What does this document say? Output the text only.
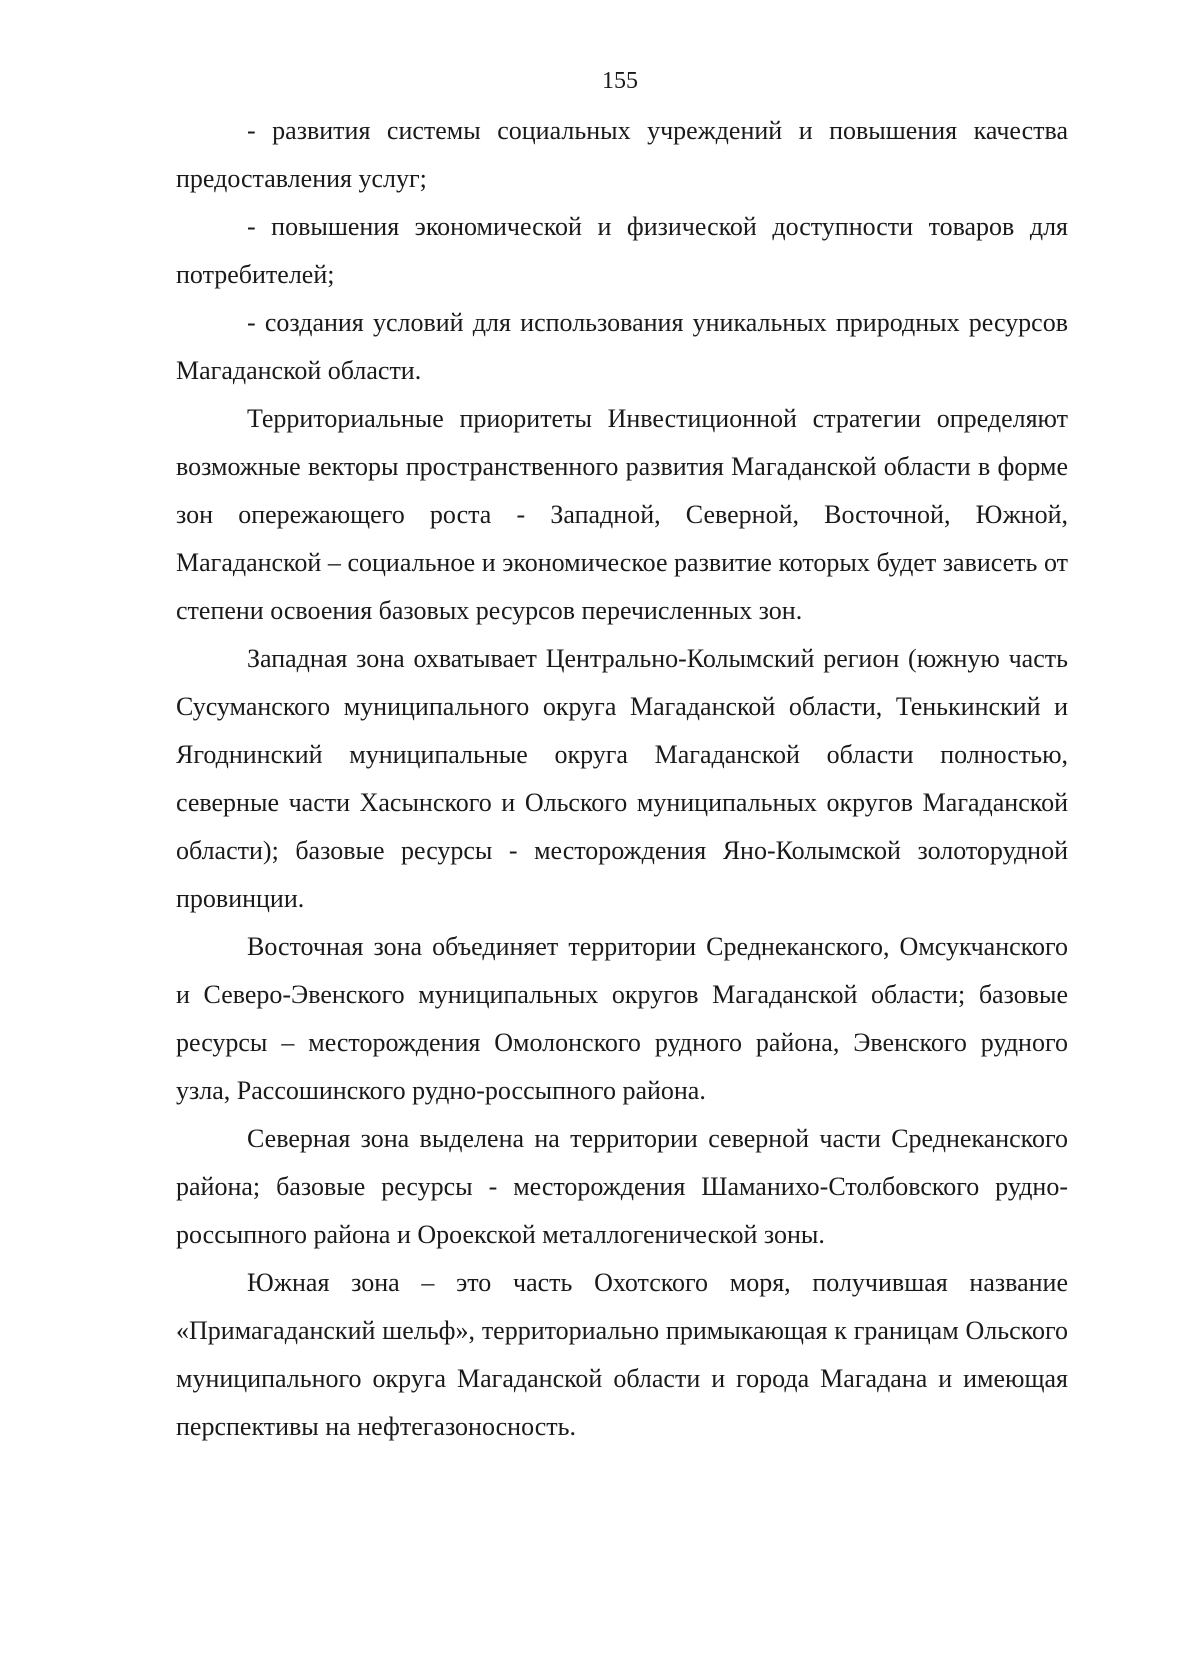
155

- развития системы социальных учреждений и повышения качества предоставления услуг;

- повышения экономической и физической доступности товаров для потребителей;

- создания условий для использования уникальных природных ресурсов Магаданской области.

Территориальные приоритеты Инвестиционной стратегии определяют возможные векторы пространственного развития Магаданской области в форме зон опережающего роста - Западной, Северной, Восточной, Южной, Магаданской – социальное и экономическое развитие которых будет зависеть от степени освоения базовых ресурсов перечисленных зон.

Западная зона охватывает Центрально-Колымский регион (южную часть Сусуманского муниципального округа Магаданской области, Тенькинский и Ягоднинский муниципальные округа Магаданской области полностью, северные части Хасынского и Ольского муниципальных округов Магаданской области); базовые ресурсы - месторождения Яно-Колымской золоторудной провинции.

Восточная зона объединяет территории Среднеканского, Омсукчанского и Северо-Эвенского муниципальных округов Магаданской области; базовые ресурсы – месторождения Омолонского рудного района, Эвенского рудного узла, Рассошинского рудно-россыпного района.

Северная зона выделена на территории северной части Среднеканского района; базовые ресурсы - месторождения Шаманихо-Столбовского рудно-россыпного района и Ороекской металлогенической зоны.

Южная зона – это часть Охотского моря, получившая название «Примагаданский шельф», территориально примыкающая к границам Ольского муниципального округа Магаданской области и города Магадана и имеющая перспективы на нефтегазоносность.
